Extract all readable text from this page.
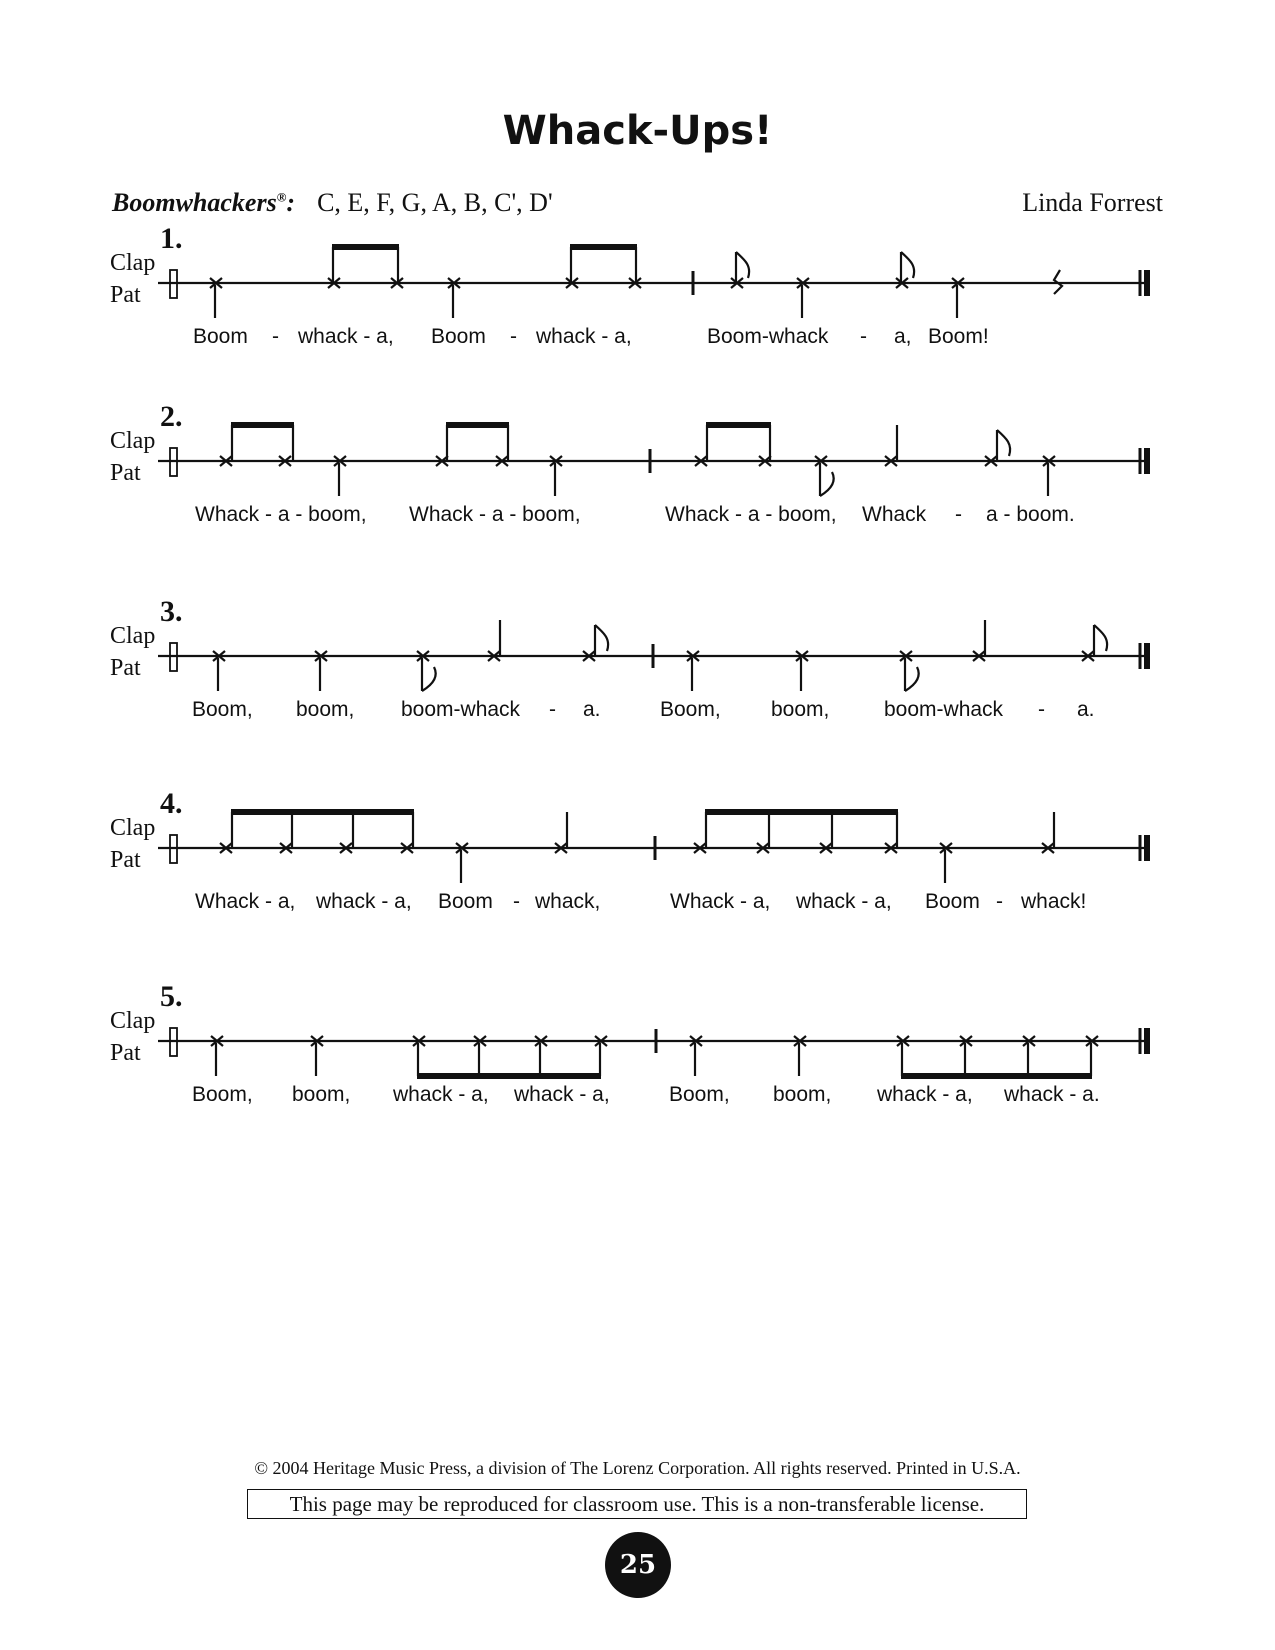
Whack-Ups!
Boomwhackers®: C, E, F, G, A, B, C', D'	Linda Forrest
1.
Clap
Pat
Boom - whack - a, Boom - whack - a,	Boom-whack - a, Boom!
2.
Clap
Pat
Whack - a - boom, Whack - a - boom,	Whack - a - boom, Whack - a - boom.
3.
Clap
Pat
Boom, boom, boom-whack - a.	Boom, boom,	boom-whack - a.
4.
Clap
Pat
Whack - a, whack - a, Boom - whack,	Whack - a, whack - a, Boom - whack!
5.
Clap
Pat
Boom, boom, whack - a, whack - a,	Boom, boom, whack - a, whack - a.
© 2004 Heritage Music Press, a division of The Lorenz Corporation. All rights reserved. Printed in U.S.A.
This page may be reproduced for classroom use. This is a non-transferable license.
25
